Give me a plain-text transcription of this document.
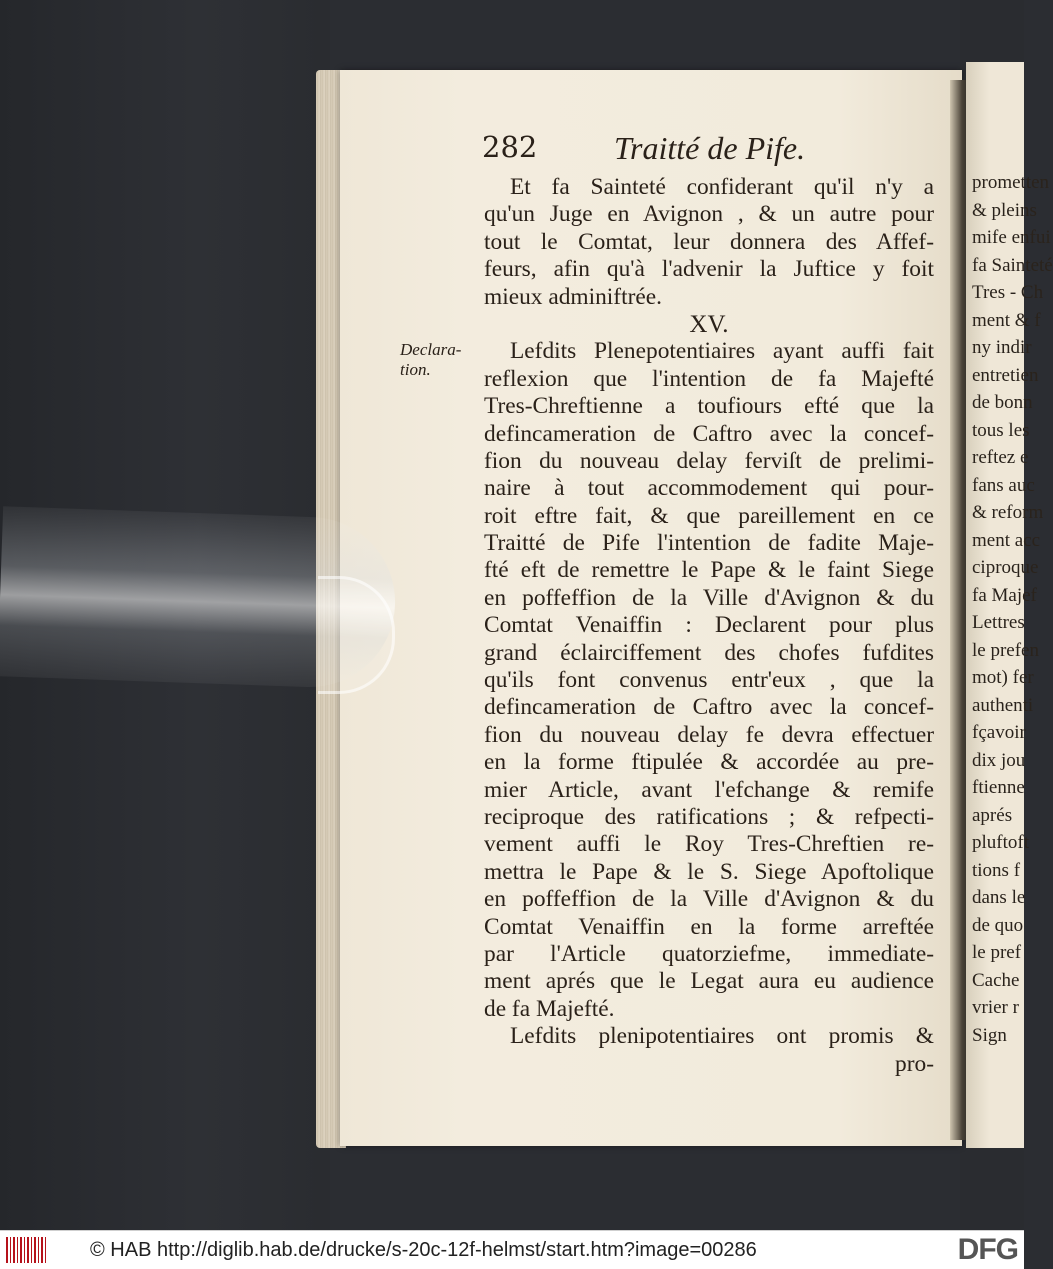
prometten
& pleins
mife enfui
fa Sainteté
Tres - Ch
ment & f
ny indir
entretien
de bonn
tous les
reftez e
fans auc
& reform
ment acc
ciproque
fa Majef
Lettres
le prefen
mot) fer
authenti
fçavoir
dix jou
ftienne
aprés
pluftoft
tions f
dans le
de quo
le pref
Cache
vrier r
Sign
282 Traitté de Pife.
Declara-
tion.
Et fa Sainteté confiderant qu'il n'y a
qu'un Juge en Avignon , & un autre pour
tout le Comtat, leur donnera des Affef-
feurs, afin qu'à l'advenir la Juftice y foit
mieux adminiftrée.
XV.
Lefdits Plenepotentiaires ayant auffi fait
reflexion que l'intention de fa Majefté
Tres-Chreftienne a toufiours efté que la
defincameration de Caftro avec la concef-
fion du nouveau delay ferviſt de prelimi-
naire à tout accommodement qui pour-
roit eftre fait, & que pareillement en ce
Traitté de Pife l'intention de fadite Maje-
fté eft de remettre le Pape & le faint Siege
en poffeffion de la Ville d'Avignon & du
Comtat Venaiffin : Declarent pour plus
grand éclairciffement des chofes fufdites
qu'ils font convenus entr'eux , que la
defincameration de Caftro avec la concef-
fion du nouveau delay fe devra effectuer
en la forme ftipulée & accordée au pre-
mier Article, avant l'efchange & remife
reciproque des ratifications ; & refpecti-
vement auffi le Roy Tres-Chreftien re-
mettra le Pape & le S. Siege Apoftolique
en poffeffion de la Ville d'Avignon & du
Comtat Venaiffin en la forme arreftée
par l'Article quatorziefme, immediate-
ment aprés que le Legat aura eu audience
de fa Majefté.
Lefdits plenipotentiaires ont promis &
pro-
© HAB http://diglib.hab.de/drucke/s-20c-12f-helmst/start.htm?image=00286	DFG
